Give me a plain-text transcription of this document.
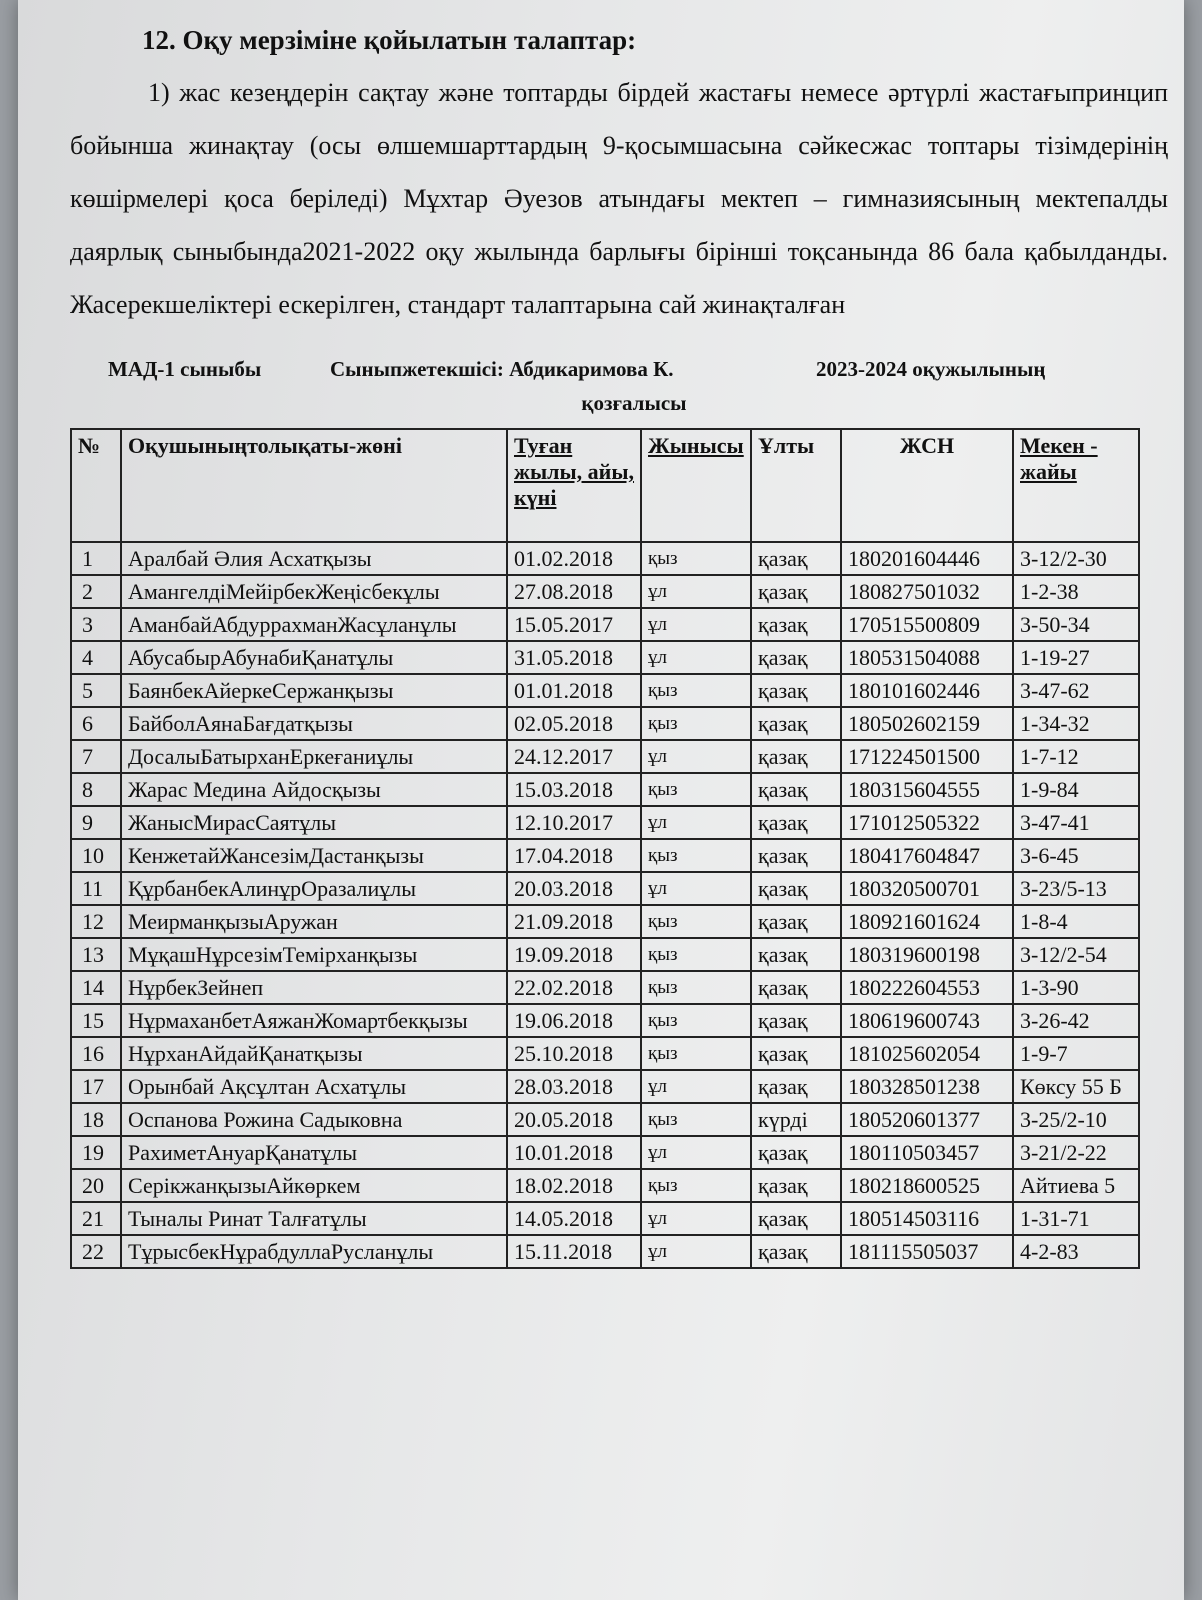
12. Оқу мерзіміне қойылатын талаптар:

1) жас кезеңдерін сақтау және топтарды бірдей жастағы немесе әртүрлі жастағыпринцип бойынша жинақтау (осы өлшемшарттардың 9-қосымшасына сәйкесжас топтары тізімдерінің көшірмелері қоса беріледі) Мұхтар Әуезов атындағы мектеп – гимназиясының мектепалды даярлық сыныбында2021-2022 оқу жылында барлығы бірінші тоқсанында 86 бала қабылданды. Жасерекшеліктері ескерілген, стандарт талаптарына сай жинақталған

МАД-1 сыныбы	Сыныпжетекшісі: Абдикаримова К.	2023-2024 оқужылының
қозғалысы
№	Оқушыныңтолықаты-жөні	Туған жылы, айы, күні	Жынысы	Ұлты	ЖСН	Мекен - жайы
1	Аралбай Әлия Асхатқызы	01.02.2018	қыз	қазақ	180201604446	3-12/2-30
2	АмангелдіМейірбекЖеңісбекұлы	27.08.2018	ұл	қазақ	180827501032	1-2-38
3	АманбайАбдуррахманЖасұланұлы	15.05.2017	ұл	қазақ	170515500809	3-50-34
4	АбусабырАбунабиҚанатұлы	31.05.2018	ұл	қазақ	180531504088	1-19-27
5	БаянбекАйеркеСержанқызы	01.01.2018	қыз	қазақ	180101602446	3-47-62
6	БайболАянаБағдатқызы	02.05.2018	қыз	қазақ	180502602159	1-34-32
7	ДосалыБатырханЕркеғаниұлы	24.12.2017	ұл	қазақ	171224501500	1-7-12
8	Жарас Медина Айдосқызы	15.03.2018	қыз	қазақ	180315604555	1-9-84
9	ЖанысМирасСаятұлы	12.10.2017	ұл	қазақ	171012505322	3-47-41
10	КенжетайЖансезімДастанқызы	17.04.2018	қыз	қазақ	180417604847	3-6-45
11	ҚұрбанбекАлинұрОразалиұлы	20.03.2018	ұл	қазақ	180320500701	3-23/5-13
12	МеирманқызыАружан	21.09.2018	қыз	қазақ	180921601624	1-8-4
13	МұқашНұрсезімТемірханқызы	19.09.2018	қыз	қазақ	180319600198	3-12/2-54
14	НұрбекЗейнеп	22.02.2018	қыз	қазақ	180222604553	1-3-90
15	НұрмаханбетАяжанЖомартбекқызы	19.06.2018	қыз	қазақ	180619600743	3-26-42
16	НұрханАйдайҚанатқызы	25.10.2018	қыз	қазақ	181025602054	1-9-7
17	Орынбай Ақсұлтан Асхатұлы	28.03.2018	ұл	қазақ	180328501238	Көксу 55 Б
18	Оспанова Рожина Садыковна	20.05.2018	қыз	күрді	180520601377	3-25/2-10
19	РахиметАнуарҚанатұлы	10.01.2018	ұл	қазақ	180110503457	3-21/2-22
20	СерікжанқызыАйкөркем	18.02.2018	қыз	қазақ	180218600525	Айтиева 5
21	Тыналы Ринат Талғатұлы	14.05.2018	ұл	қазақ	180514503116	1-31-71
22	ТұрысбекНұрабдуллаРусланұлы	15.11.2018	ұл	қазақ	181115505037	4-2-83
